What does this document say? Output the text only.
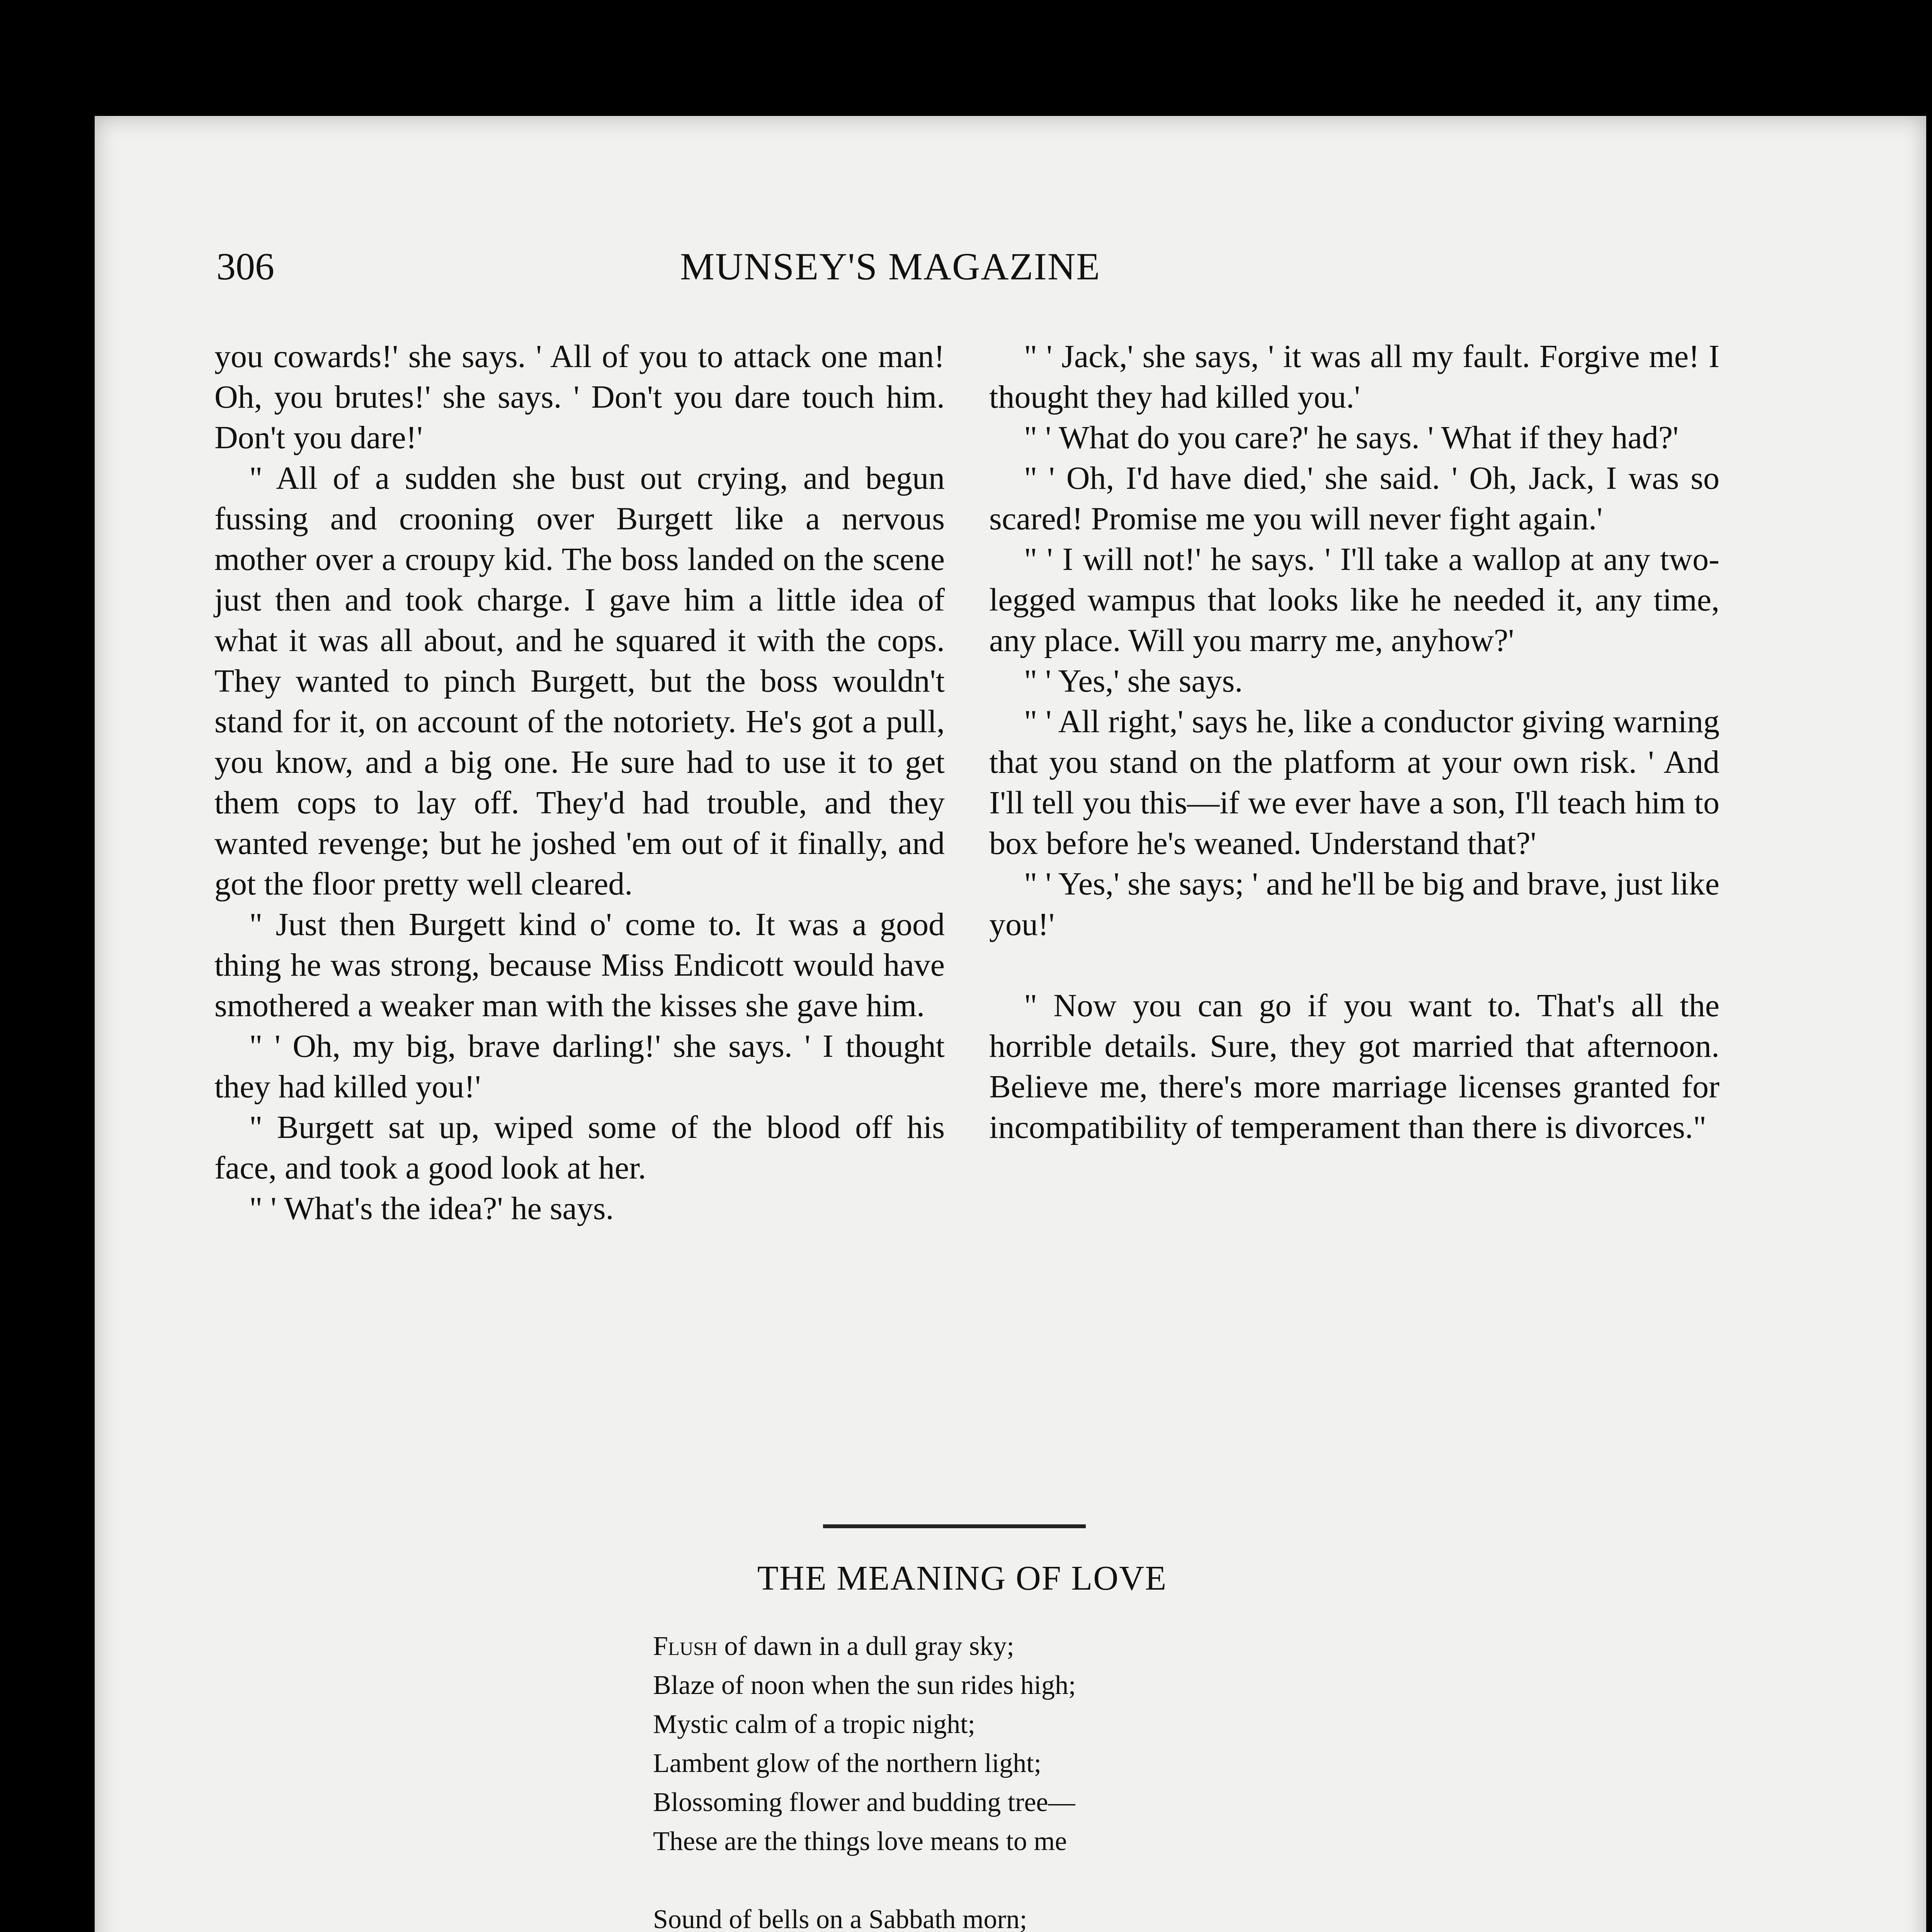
306	MUNSEY'S MAGAZINE

you cowards!' she says. ' All of you to attack one man! Oh, you brutes!' she says. ' Don't you dare touch him. Don't you dare!'

" All of a sudden she bust out crying, and begun fussing and crooning over Burgett like a nervous mother over a croupy kid. The boss landed on the scene just then and took charge. I gave him a little idea of what it was all about, and he squared it with the cops. They wanted to pinch Burgett, but the boss wouldn't stand for it, on account of the notoriety. He's got a pull, you know, and a big one. He sure had to use it to get them cops to lay off. They'd had trouble, and they wanted revenge; but he joshed 'em out of it finally, and got the floor pretty well cleared.

" Just then Burgett kind o' come to. It was a good thing he was strong, because Miss Endicott would have smothered a weaker man with the kisses she gave him.

" ' Oh, my big, brave darling!' she says. ' I thought they had killed you!'

" Burgett sat up, wiped some of the blood off his face, and took a good look at her.

" ' What's the idea?' he says.

" ' Jack,' she says, ' it was all my fault. Forgive me! I thought they had killed you.'

" ' What do you care?' he says. ' What if they had?'

" ' Oh, I'd have died,' she said. ' Oh, Jack, I was so scared! Promise me you will never fight again.'

" ' I will not!' he says. ' I'll take a wallop at any two-legged wampus that looks like he needed it, any time, any place. Will you marry me, anyhow?'

" ' Yes,' she says.

" ' All right,' says he, like a conductor giving warning that you stand on the platform at your own risk. ' And I'll tell you this—if we ever have a son, I'll teach him to box before he's weaned. Understand that?'

" ' Yes,' she says; ' and he'll be big and brave, just like you!'

" Now you can go if you want to. That's all the horrible details. Sure, they got married that afternoon. Believe me, there's more marriage licenses granted for incompatibility of temperament than there is divorces."

THE MEANING OF LOVE
Flush of dawn in a dull gray sky;
Blaze of noon when the sun rides high;
Mystic calm of a tropic night;
Lambent glow of the northern light;
Blossoming flower and budding tree—
These are the things love means to me
Sound of bells on a Sabbath morn;
